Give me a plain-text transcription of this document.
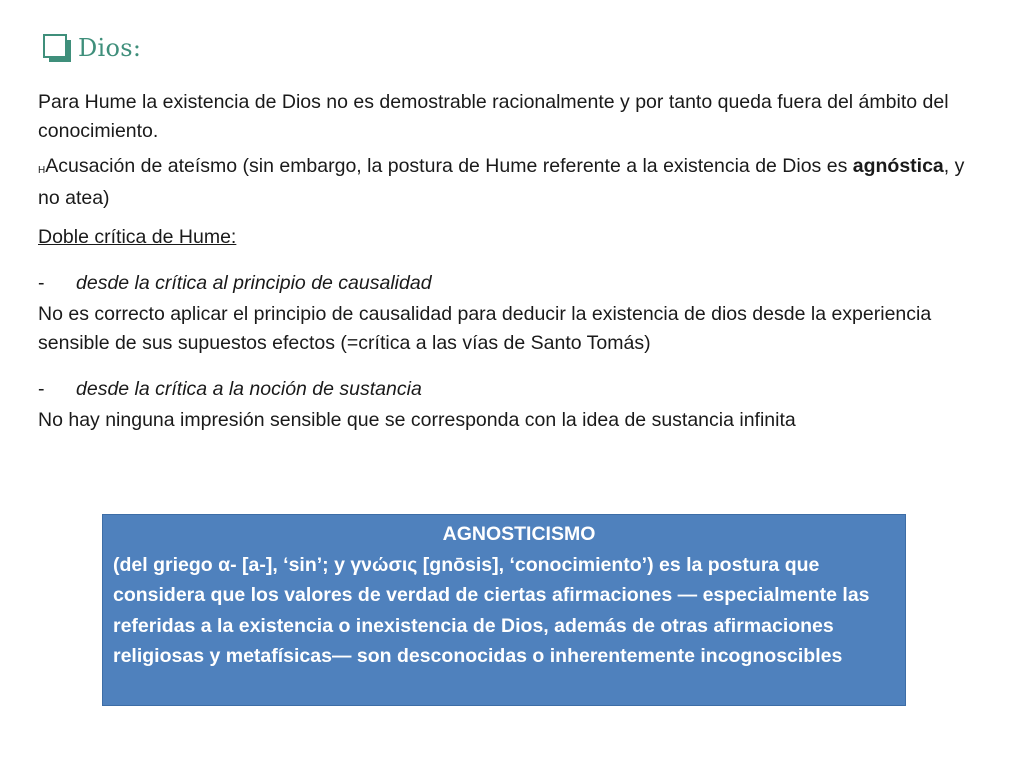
Dios:

Para Hume la existencia de Dios no es demostrable racionalmente y por tanto queda fuera del ámbito del conocimiento.

HAcusación de ateísmo (sin embargo, la postura de Hume referente a la existencia de Dios es agnóstica, y no atea)

Doble crítica de Hume:

-	desde la crítica al principio de causalidad

No es correcto aplicar el principio de causalidad para deducir la existencia de dios desde la experiencia sensible de sus supuestos efectos (=crítica a las vías de Santo Tomás)

-	desde la crítica a la noción de sustancia

No hay ninguna impresión sensible que se corresponda con la idea de sustancia infinita

AGNOSTICISMO

(del griego α- [a-], ‘sin’; y γνώσις [gnōsis], ‘conocimiento’) es la postura que considera que los valores de verdad de ciertas afirmaciones — especialmente las referidas a la existencia o inexistencia de Dios, además de otras afirmaciones religiosas y metafísicas— son desconocidas o inherentemente incognoscibles
